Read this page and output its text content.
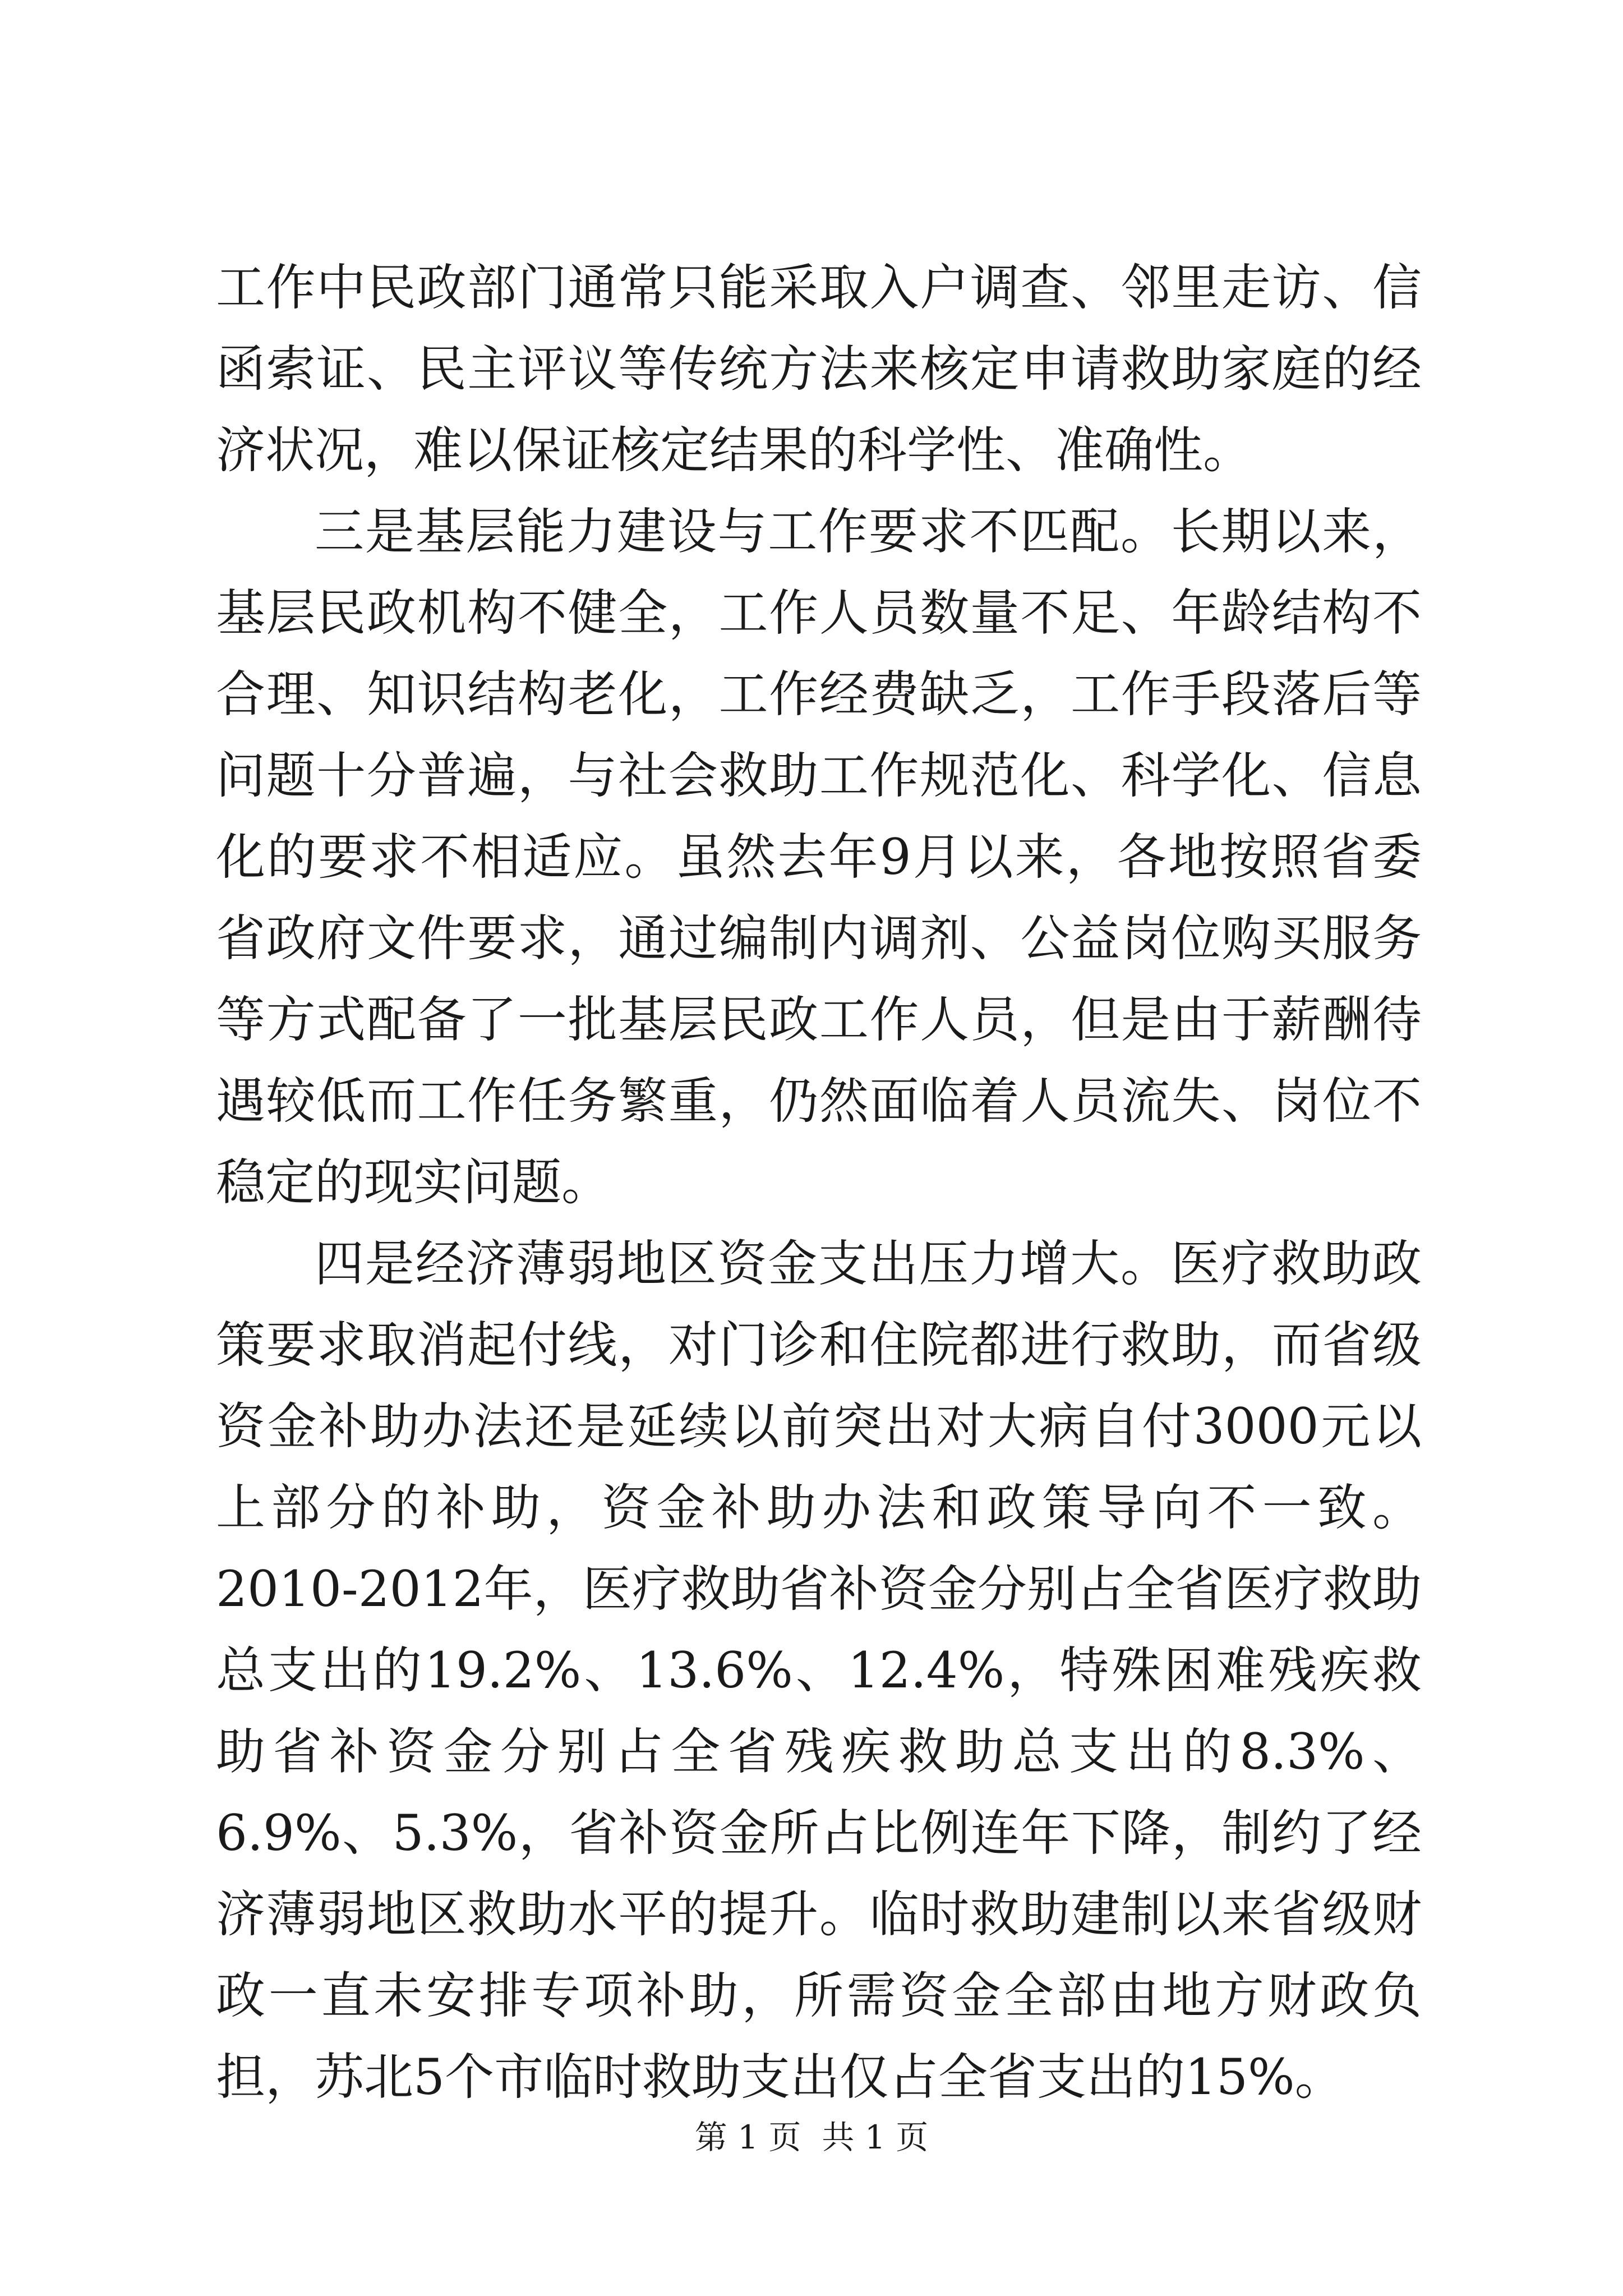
工作中民政部门通常只能采取入户调查、邻里走访、信函索证、民主评议等传统方法来核定申请救助家庭的经济状况，难以保证核定结果的科学性、准确性。

三是基层能力建设与工作要求不匹配。长期以来，基层民政机构不健全，工作人员数量不足、年龄结构不合理、知识结构老化，工作经费缺乏，工作手段落后等问题十分普遍，与社会救助工作规范化、科学化、信息化的要求不相适应。虽然去年9月以来，各地按照省委省政府文件要求，通过编制内调剂、公益岗位购买服务等方式配备了一批基层民政工作人员，但是由于薪酬待遇较低而工作任务繁重，仍然面临着人员流失、岗位不稳定的现实问题。

四是经济薄弱地区资金支出压力增大。医疗救助政策要求取消起付线，对门诊和住院都进行救助，而省级资金补助办法还是延续以前突出对大病自付3000元以上部分的补助，资金补助办法和政策导向不一致。2010-2012年，医疗救助省补资金分别占全省医疗救助总支出的19.2%、13.6%、12.4%，特殊困难残疾救助省补资金分别占全省残疾救助总支出的8.3%、6.9%、5.3%，省补资金所占比例连年下降，制约了经济薄弱地区救助水平的提升。临时救助建制以来省级财政一直未安排专项补助，所需资金全部由地方财政负担，苏北5个市临时救助支出仅占全省支出的15%。

第 1 页  共 1 页
